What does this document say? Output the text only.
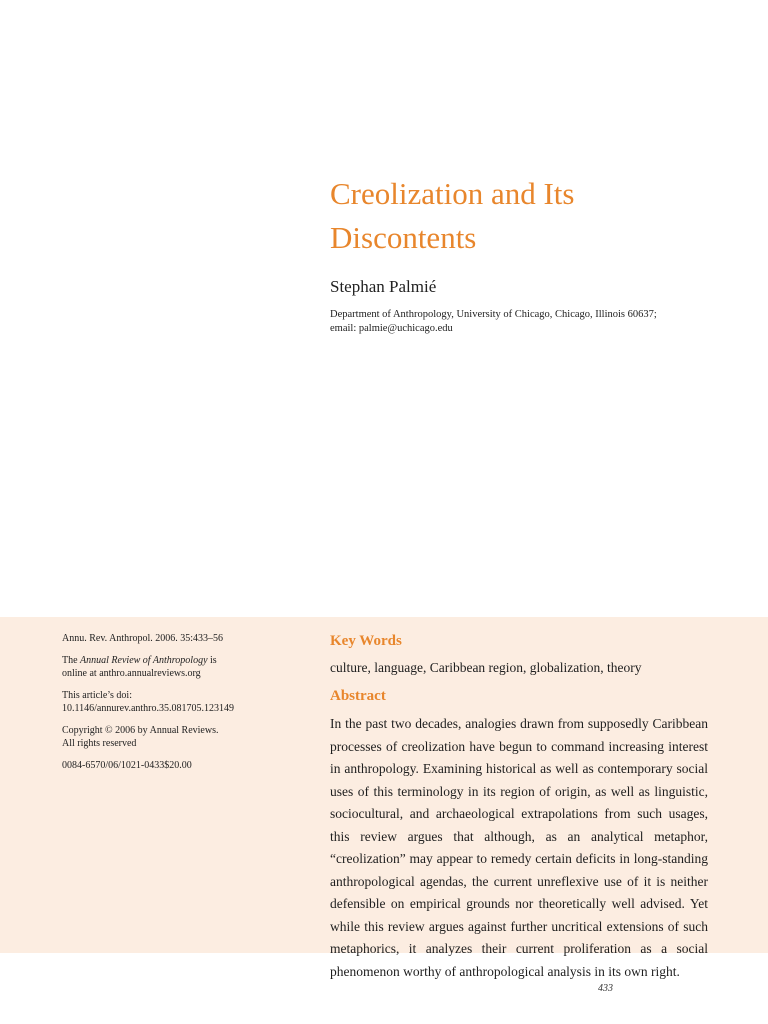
Creolization and Its
Discontents
Stephan Palmié
Department of Anthropology, University of Chicago, Chicago, Illinois 60637;
email: palmie@uchicago.edu

Annu. Rev. Anthropol. 2006. 35:433–56

The Annual Review of Anthropology is
online at anthro.annualreviews.org

This article’s doi:
10.1146/annurev.anthro.35.081705.123149

Copyright © 2006 by Annual Reviews.
All rights reserved

0084-6570/06/1021-0433$20.00

Key Words
culture, language, Caribbean region, globalization, theory
Abstract

In the past two decades, analogies drawn from supposedly Caribbean processes of creolization have begun to command increasing interest in anthropology. Examining historical as well as contemporary social uses of this terminology in its region of origin, as well as linguistic, sociocultural, and archaeological extrapolations from such usages, this review argues that although, as an analytical metaphor, “creolization” may appear to remedy certain deficits in long-standing anthropological agendas, the current unreflexive use of it is neither defensible on empirical grounds nor theoretically well advised. Yet while this review argues against further uncritical extensions of such metaphorics, it analyzes their current proliferation as a social phenomenon worthy of anthropological analysis in its own right.

433
